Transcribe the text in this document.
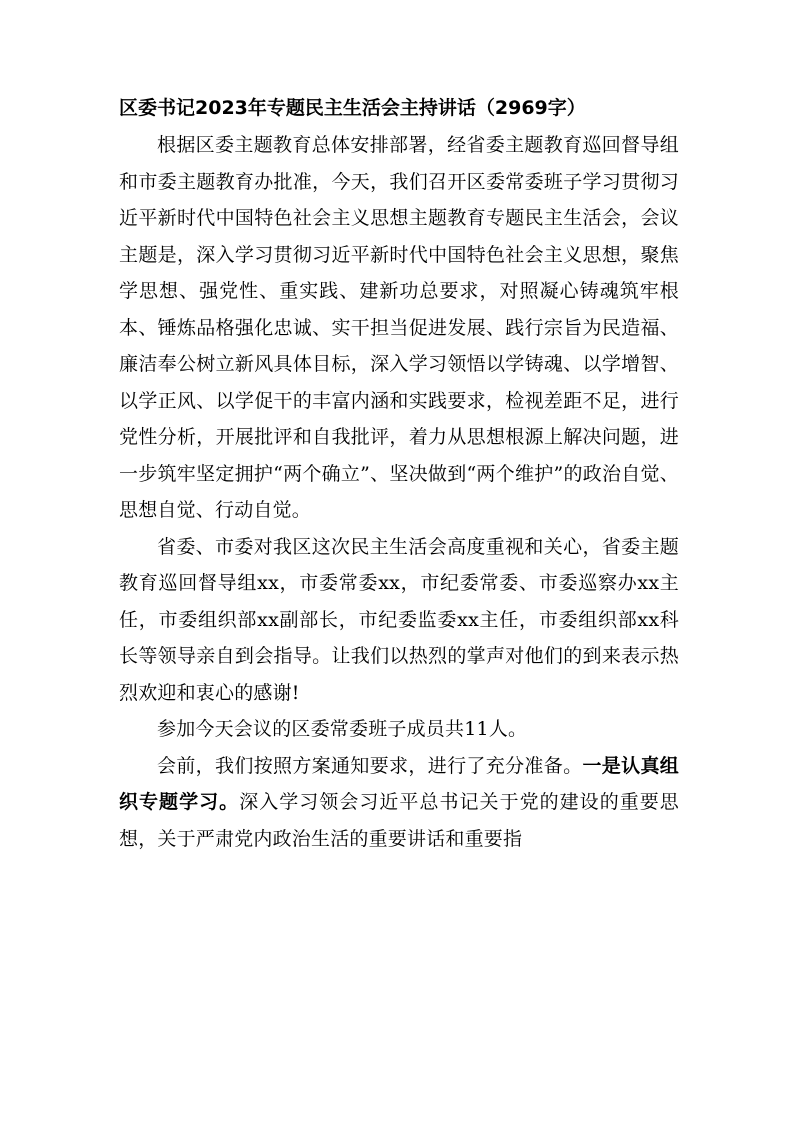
区委书记2023年专题民主生活会主持讲话（2969字）

根据区委主题教育总体安排部署，经省委主题教育巡回督导组和市委主题教育办批准，今天，我们召开区委常委班子学习贯彻习近平新时代中国特色社会主义思想主题教育专题民主生活会，会议主题是，深入学习贯彻习近平新时代中国特色社会主义思想，聚焦学思想、强党性、重实践、建新功总要求，对照凝心铸魂筑牢根本、锤炼品格强化忠诚、实干担当促进发展、践行宗旨为民造福、廉洁奉公树立新风具体目标，深入学习领悟以学铸魂、以学增智、以学正风、以学促干的丰富内涵和实践要求，检视差距不足，进行党性分析，开展批评和自我批评，着力从思想根源上解决问题，进一步筑牢坚定拥护“两个确立”、坚决做到“两个维护”的政治自觉、思想自觉、行动自觉。

省委、市委对我区这次民主生活会高度重视和关心，省委主题教育巡回督导组xx，市委常委xx，市纪委常委、市委巡察办xx主任，市委组织部xx副部长，市纪委监委xx主任，市委组织部xx科长等领导亲自到会指导。让我们以热烈的掌声对他们的到来表示热烈欢迎和衷心的感谢!

参加今天会议的区委常委班子成员共11人。

会前，我们按照方案通知要求，进行了充分准备。一是认真组织专题学习。深入学习领会习近平总书记关于党的建设的重要思想，关于严肃党内政治生活的重要讲话和重要指
